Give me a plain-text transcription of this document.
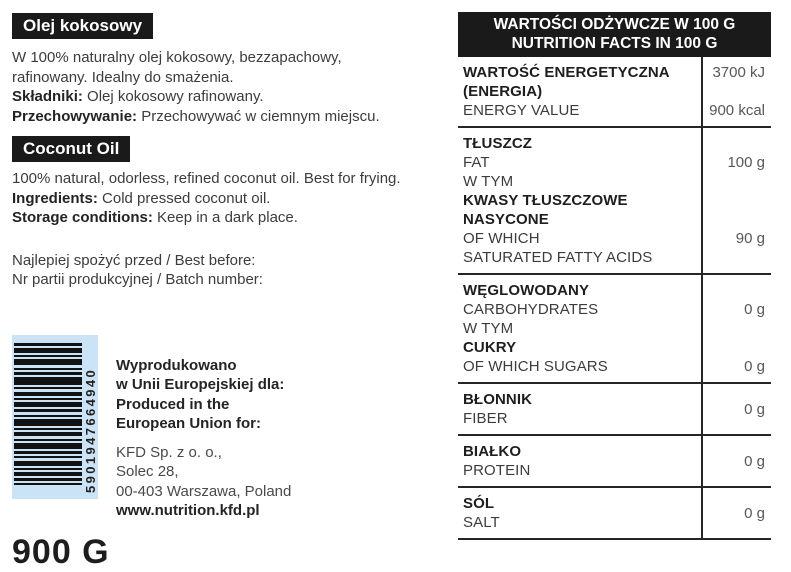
Olej kokosowy
W 100% naturalny olej kokosowy, bezzapachowy,
rafinowany. Idealny do smażenia.
Składniki: Olej kokosowy rafinowany.
Przechowywanie: Przechowywać w ciemnym miejscu.
Coconut Oil
100% natural, odorless, refined coconut oil. Best for frying.
Ingredients: Cold pressed coconut oil.
Storage conditions: Keep in a dark place.
Najlepiej spożyć przed / Best before:
Nr partii produkcyjnej / Batch number:
5901947664940
Wyprodukowano
w Unii Europejskiej dla:
Produced in the
European Union for:
KFD Sp. z o. o.,
Solec 28,
00-403 Warszawa, Poland
www.nutrition.kfd.pl
900 G
WARTOŚCI ODŻYWCZE W 100 G
NUTRITION FACTS IN 100 G
WARTOŚĆ ENERGETYCZNA
(ENERGIA)
ENERGY VALUE
3700 kJ
900 kcal
TŁUSZCZ
FAT
W TYM
KWASY TŁUSZCZOWE
NASYCONE
OF WHICH
SATURATED FATTY ACIDS
100 g
90 g
WĘGLOWODANY
CARBOHYDRATES
W TYM
CUKRY
OF WHICH SUGARS
0 g
0 g
BŁONNIK
FIBER
0 g
BIAŁKO
PROTEIN
0 g
SÓL
SALT
0 g
